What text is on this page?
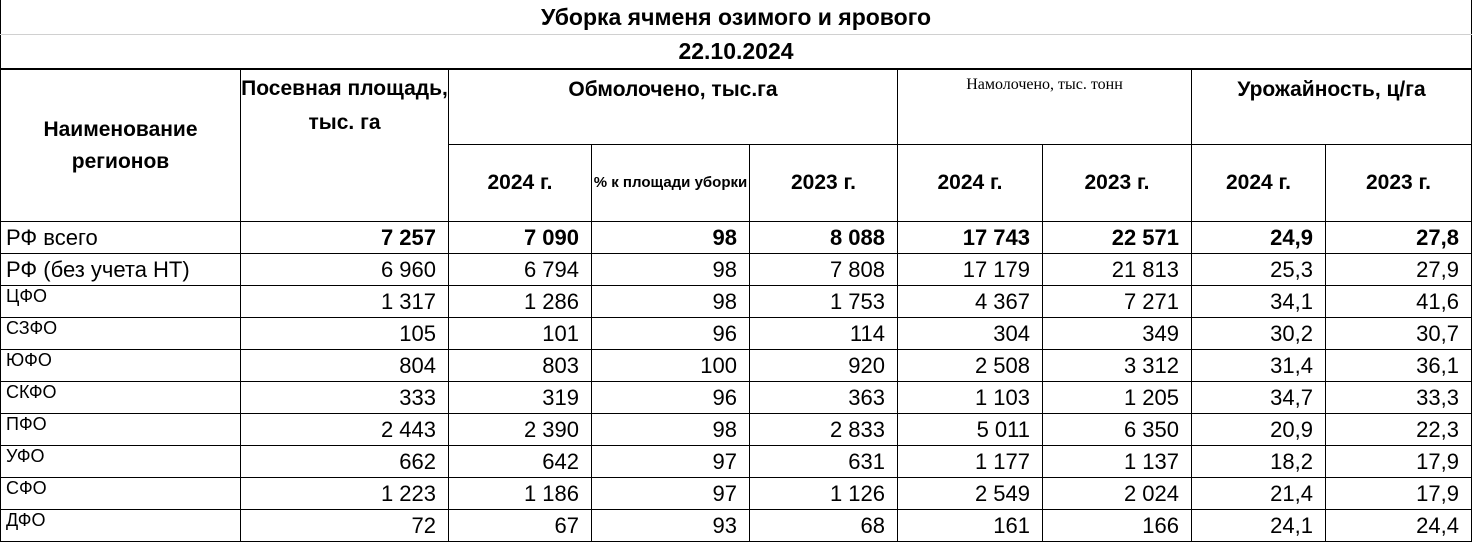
Уборка ячменя озимого и ярового								
22.10.2024								
Наименование регионов	Посевная площадь, тыс. га	Обмолочено, тыс.га			Намолочено, тыс. тонн		Урожайность, ц/га	
		2024 г.	% к площади уборки	2023 г.	2024 г.	2023 г.	2024 г.	2023 г.
РФ всего	7 257	7 090	98	8 088	17 743	22 571	24,9	27,8
РФ (без учета НТ)	6 960	6 794	98	7 808	17 179	21 813	25,3	27,9
ЦФО	1 317	1 286	98	1 753	4 367	7 271	34,1	41,6
СЗФО	105	101	96	114	304	349	30,2	30,7
ЮФО	804	803	100	920	2 508	3 312	31,4	36,1
СКФО	333	319	96	363	1 103	1 205	34,7	33,3
ПФО	2 443	2 390	98	2 833	5 011	6 350	20,9	22,3
УФО	662	642	97	631	1 177	1 137	18,2	17,9
СФО	1 223	1 186	97	1 126	2 549	2 024	21,4	17,9
ДФО	72	67	93	68	161	166	24,1	24,4
